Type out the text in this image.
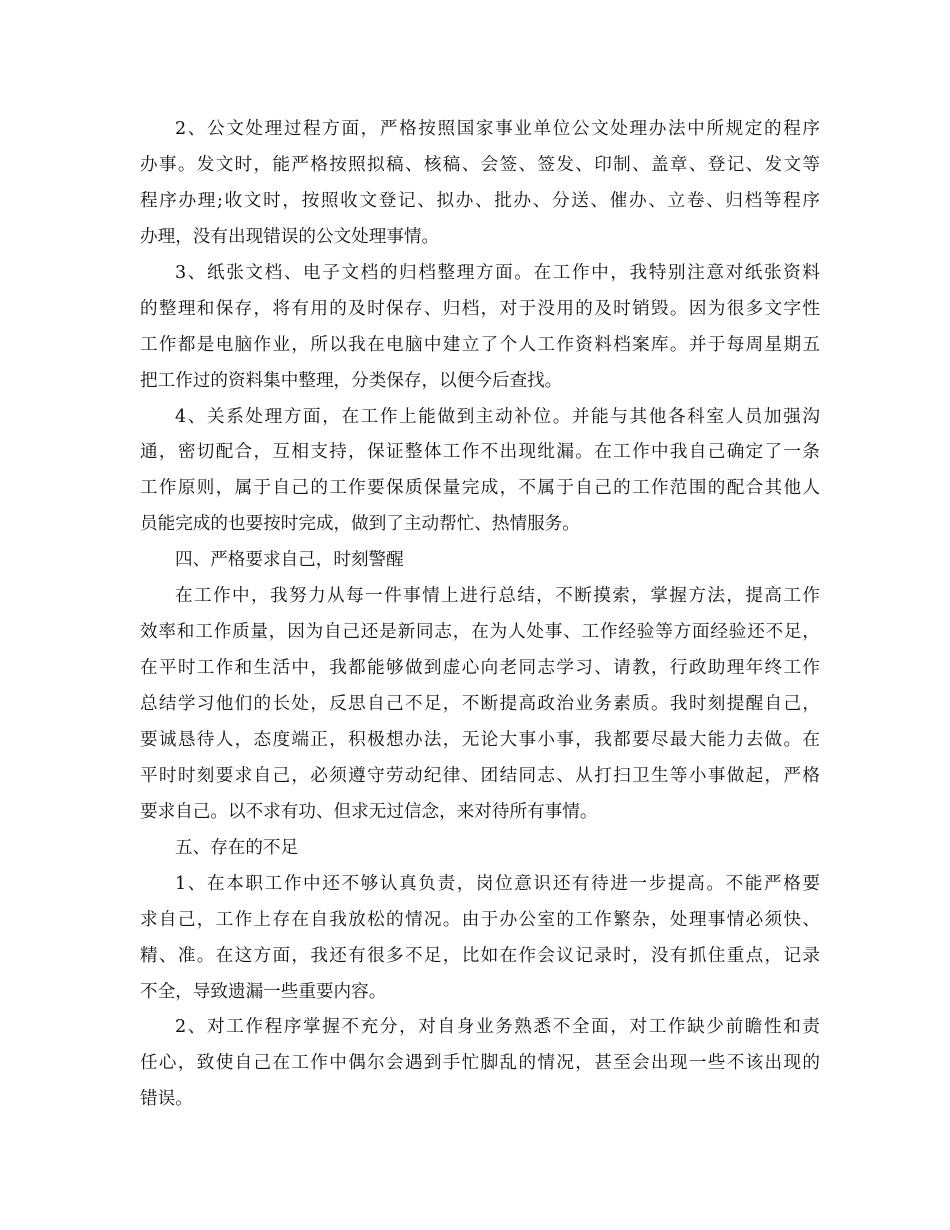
2、公文处理过程方面，严格按照国家事业单位公文处理办法中所规定的程序
办事。发文时，能严格按照拟稿、核稿、会签、签发、印制、盖章、登记、发文等
程序办理;收文时，按照收文登记、拟办、批办、分送、催办、立卷、归档等程序
办理，没有出现错误的公文处理事情。
3、纸张文档、电子文档的归档整理方面。在工作中，我特别注意对纸张资料
的整理和保存，将有用的及时保存、归档，对于没用的及时销毁。因为很多文字性
工作都是电脑作业，所以我在电脑中建立了个人工作资料档案库。并于每周星期五
把工作过的资料集中整理，分类保存，以便今后查找。
4、关系处理方面，在工作上能做到主动补位。并能与其他各科室人员加强沟
通，密切配合，互相支持，保证整体工作不出现纰漏。在工作中我自己确定了一条
工作原则，属于自己的工作要保质保量完成，不属于自己的工作范围的配合其他人
员能完成的也要按时完成，做到了主动帮忙、热情服务。
四、严格要求自己，时刻警醒
在工作中，我努力从每一件事情上进行总结，不断摸索，掌握方法，提高工作
效率和工作质量，因为自己还是新同志，在为人处事、工作经验等方面经验还不足，
在平时工作和生活中，我都能够做到虚心向老同志学习、请教，行政助理年终工作
总结学习他们的长处，反思自己不足，不断提高政治业务素质。我时刻提醒自己，
要诚恳待人，态度端正，积极想办法，无论大事小事，我都要尽最大能力去做。在
平时时刻要求自己，必须遵守劳动纪律、团结同志、从打扫卫生等小事做起，严格
要求自己。以不求有功、但求无过信念，来对待所有事情。
五、存在的不足
1、在本职工作中还不够认真负责，岗位意识还有待进一步提高。不能严格要
求自己，工作上存在自我放松的情况。由于办公室的工作繁杂，处理事情必须快、
精、准。在这方面，我还有很多不足，比如在作会议记录时，没有抓住重点，记录
不全，导致遗漏一些重要内容。
2、对工作程序掌握不充分，对自身业务熟悉不全面，对工作缺少前瞻性和责
任心，致使自己在工作中偶尔会遇到手忙脚乱的情况，甚至会出现一些不该出现的
错误。
